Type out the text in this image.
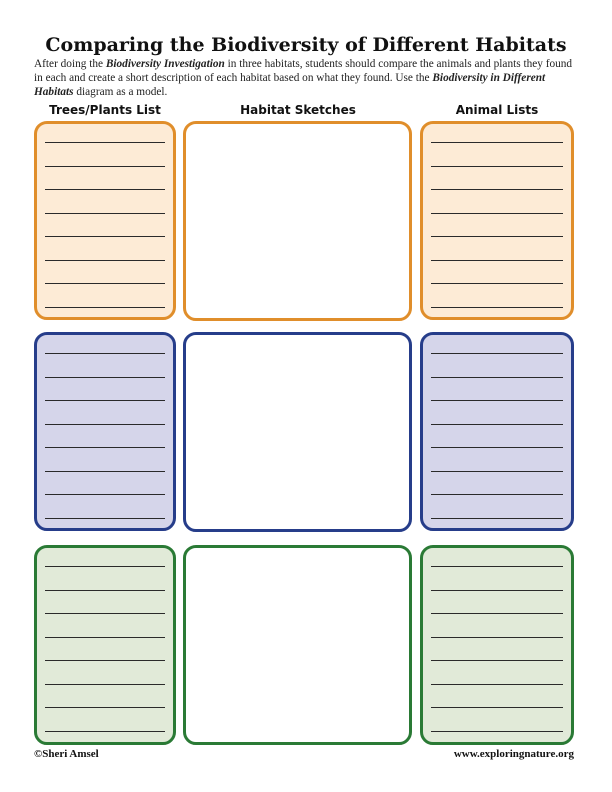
Comparing the Biodiversity of Different Habitats
After doing the Biodiversity Investigation in three habitats, students should compare the animals and plants they found in each and create a short description of each habitat based on what they found. Use the Biodiversity in Different Habitats diagram as a model.
Trees/Plants List	Habitat Sketches	Animal Lists
©Sheri Amsel	www.exploringnature.org
